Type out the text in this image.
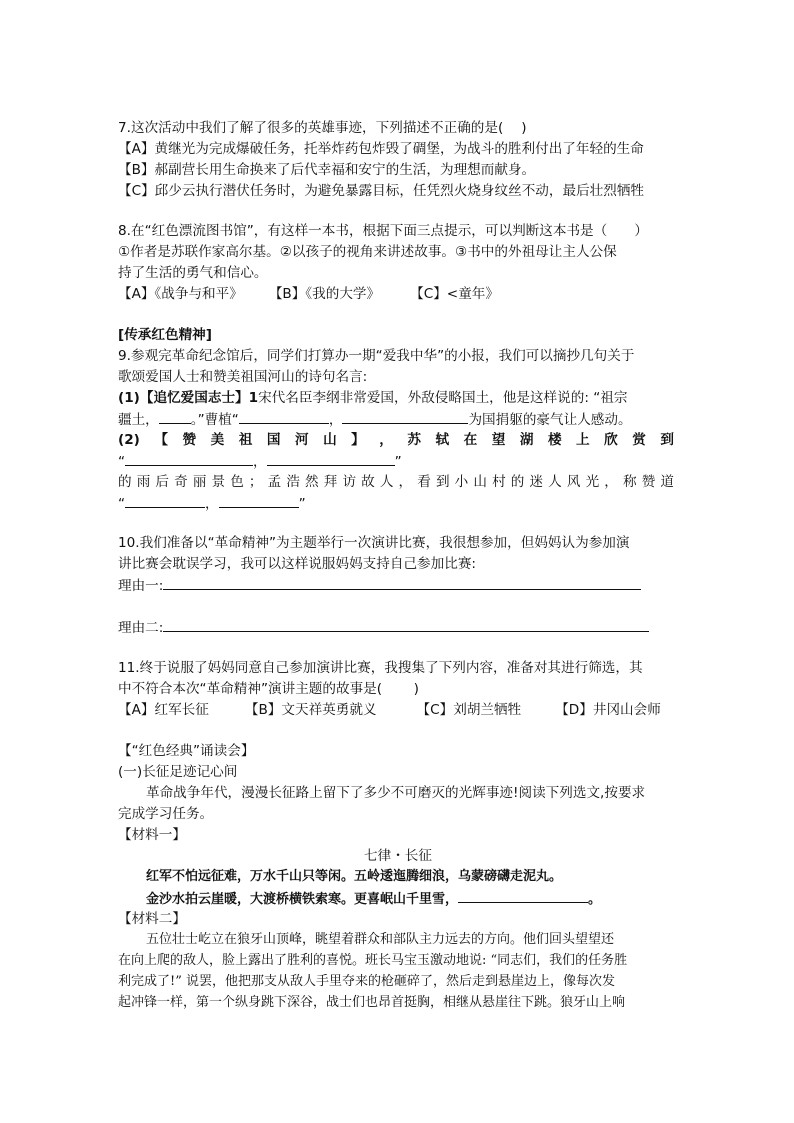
7.这次活动中我们了解了很多的英雄事迹，下列描述不正确的是(　 )
【A】黄继光为完成爆破任务，托举炸药包炸毁了碉堡，为战斗的胜利付出了年轻的生命
【B】郝副营长用生命换来了后代幸福和安宁的生活，为理想而献身。
【C】邱少云执行潜伏任务时，为避免暴露目标，任凭烈火烧身纹丝不动，最后壮烈牺牲
8.在“红色漂流图书馆”，有这样一本书，根据下面三点提示，可以判断这本书是（　　）
①作者是苏联作家高尔基。②以孩子的视角来讲述故事。③书中的外祖母让主人公保
持了生活的勇气和信心。
【A】《战争与和平》 【B】《我的大学》 【C】<童年》
[传承红色精神]
9.参观完革命纪念馆后，同学们打算办一期“爱我中华”的小报，我们可以摘抄几句关于
歌颂爱国人士和赞美祖国河山的诗句名言:
(1)【追忆爱国志士】1宋代名臣李纲非常爱国，外敌侵略国土，他是这样说的: “祖宗
疆土， 。”曹植“	，	为国捐躯的豪气让人感动。
(2) 【 赞 美 祖 国 河 山 】 ， 苏 轼 在 望 湖 楼 上 欣 赏 到
“	，	”
的 雨 后 奇 丽 景 色 ； 孟 浩 然 拜 访 故 人 ， 看 到 小 山 村 的 迷 人 风 光 ， 称 赞 道
“	，	”
10.我们准备以“革命精神”为主题举行一次演讲比赛，我很想参加，但妈妈认为参加演
讲比赛会耽误学习，我可以这样说服妈妈支持自己参加比赛:
理由一:
理由二:
11.终于说服了妈妈同意自己参加演讲比赛，我搜集了下列内容，准备对其进行筛选，其
中不符合本次“革命精神”演讲主题的故事是(　　 )
【A】红军长征	【B】文天祥英勇就义	【C】刘胡兰牺牲	【D】井冈山会师
【“红色经典”诵读会】
(一)长征足迹记心间
革命战争年代，漫漫长征路上留下了多少不可磨灭的光辉事迹!阅读下列选文,按要求
完成学习任务。
【材料一】
七律・长征
红军不怕远征难，万水千山只等闲。五岭逶迤腾细浪，乌蒙磅礴走泥丸。
金沙水拍云崖暖，大渡桥横铁索寒。更喜岷山千里雪，	。
【材料二】
五位壮士屹立在狼牙山顶峰，眺望着群众和部队主力远去的方向。他们回头望望还
在向上爬的敌人，脸上露出了胜利的喜悦。班长马宝玉激动地说: “同志们，我们的任务胜
利完成了!” 说罢，他把那支从敌人手里夺来的枪砸碎了，然后走到悬崖边上，像每次发
起冲锋一样，第一个纵身跳下深谷，战士们也昂首挺胸，相继从悬崖往下跳。狼牙山上响
